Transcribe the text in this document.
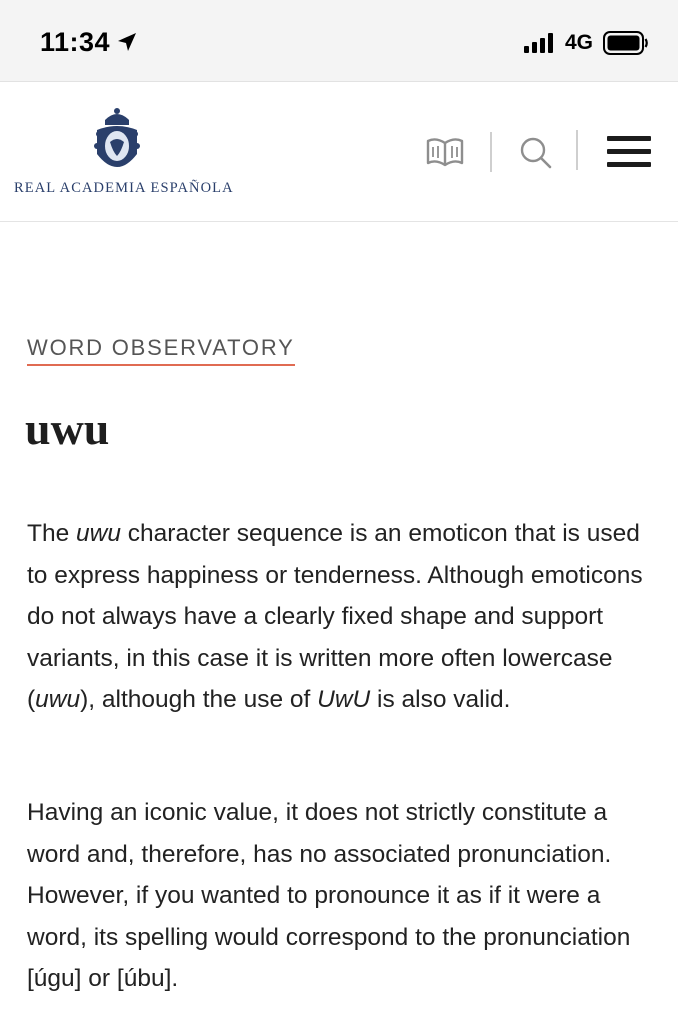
11:34	4G
REAL ACADEMIA ESPAÑOLA
WORD OBSERVATORY
uwu

The uwu character sequence is an emoticon that is used to express happiness or tenderness. Although emoticons do not always have a clearly fixed shape and support variants, in this case it is written more often lowercase (uwu), although the use of UwU is also valid.

Having an iconic value, it does not strictly constitute a word and, therefore, has no associated pronunciation. However, if you wanted to pronounce it as if it were a word, its spelling would correspond to the pronunciation [úgu] or [úbu].
